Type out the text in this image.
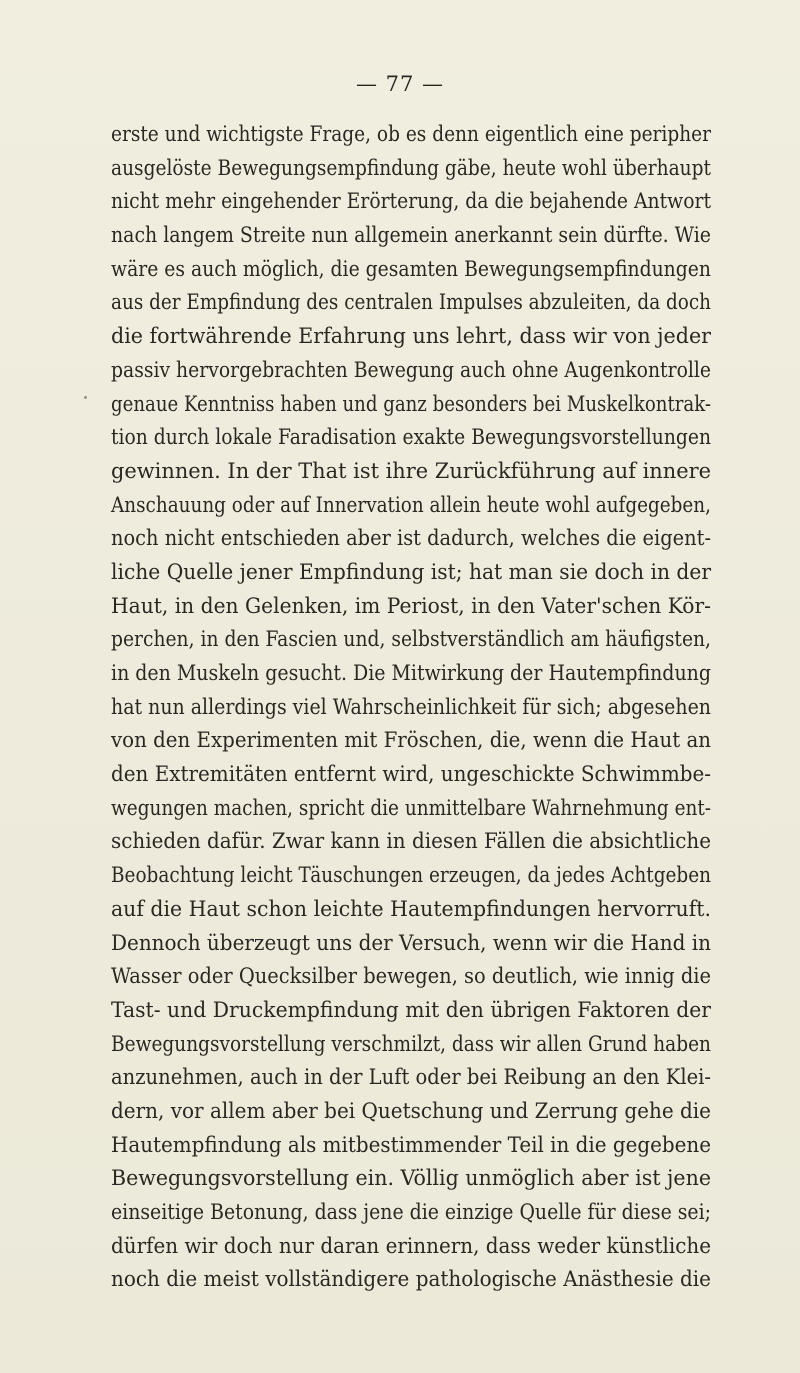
— 77 —
erste und wichtigste Frage, ob es denn eigentlich eine peripher
ausgelöste Bewegungsempfindung gäbe, heute wohl überhaupt
nicht mehr eingehender Erörterung, da die bejahende Antwort
nach langem Streite nun allgemein anerkannt sein dürfte. Wie
wäre es auch möglich, die gesamten Bewegungsempfindungen
aus der Empfindung des centralen Impulses abzuleiten, da doch
die fortwährende Erfahrung uns lehrt, dass wir von jeder
passiv hervorgebrachten Bewegung auch ohne Augenkontrolle
genaue Kenntniss haben und ganz besonders bei Muskelkontrak-
tion durch lokale Faradisation exakte Bewegungsvorstellungen
gewinnen. In der That ist ihre Zurückführung auf innere
Anschauung oder auf Innervation allein heute wohl aufgegeben,
noch nicht entschieden aber ist dadurch, welches die eigent-
liche Quelle jener Empfindung ist; hat man sie doch in der
Haut, in den Gelenken, im Periost, in den Vater'schen Kör-
perchen, in den Fascien und, selbstverständlich am häufigsten,
in den Muskeln gesucht. Die Mitwirkung der Hautempfindung
hat nun allerdings viel Wahrscheinlichkeit für sich; abgesehen
von den Experimenten mit Fröschen, die, wenn die Haut an
den Extremitäten entfernt wird, ungeschickte Schwimmbe-
wegungen machen, spricht die unmittelbare Wahrnehmung ent-
schieden dafür. Zwar kann in diesen Fällen die absichtliche
Beobachtung leicht Täuschungen erzeugen, da jedes Achtgeben
auf die Haut schon leichte Hautempfindungen hervorruft.
Dennoch überzeugt uns der Versuch, wenn wir die Hand in
Wasser oder Quecksilber bewegen, so deutlich, wie innig die
Tast- und Druckempfindung mit den übrigen Faktoren der
Bewegungsvorstellung verschmilzt, dass wir allen Grund haben
anzunehmen, auch in der Luft oder bei Reibung an den Klei-
dern, vor allem aber bei Quetschung und Zerrung gehe die
Hautempfindung als mitbestimmender Teil in die gegebene
Bewegungsvorstellung ein. Völlig unmöglich aber ist jene
einseitige Betonung, dass jene die einzige Quelle für diese sei;
dürfen wir doch nur daran erinnern, dass weder künstliche
noch die meist vollständigere pathologische Anästhesie die
